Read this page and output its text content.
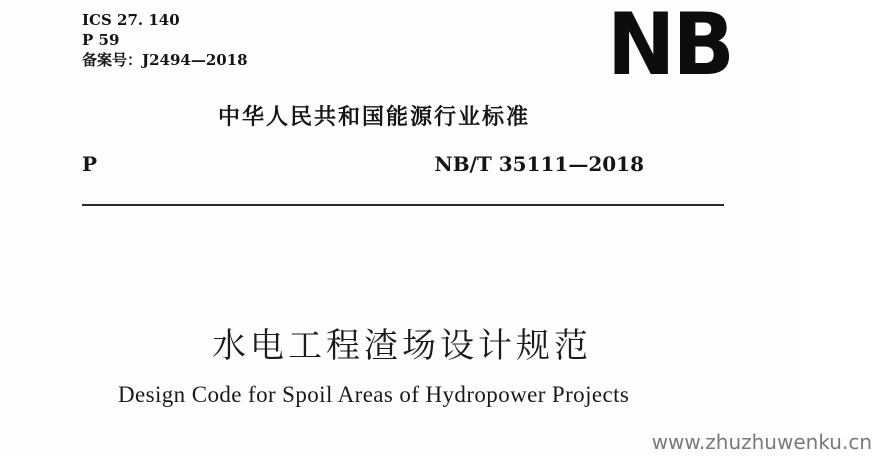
ICS 27. 140
P 59
备案号：J2494—2018	NB
中华人民共和国能源行业标准
P	NB/T 35111—2018
水电工程渣场设计规范
Design Code for Spoil Areas of Hydropower Projects
www.zhuzhuwenku.cn
